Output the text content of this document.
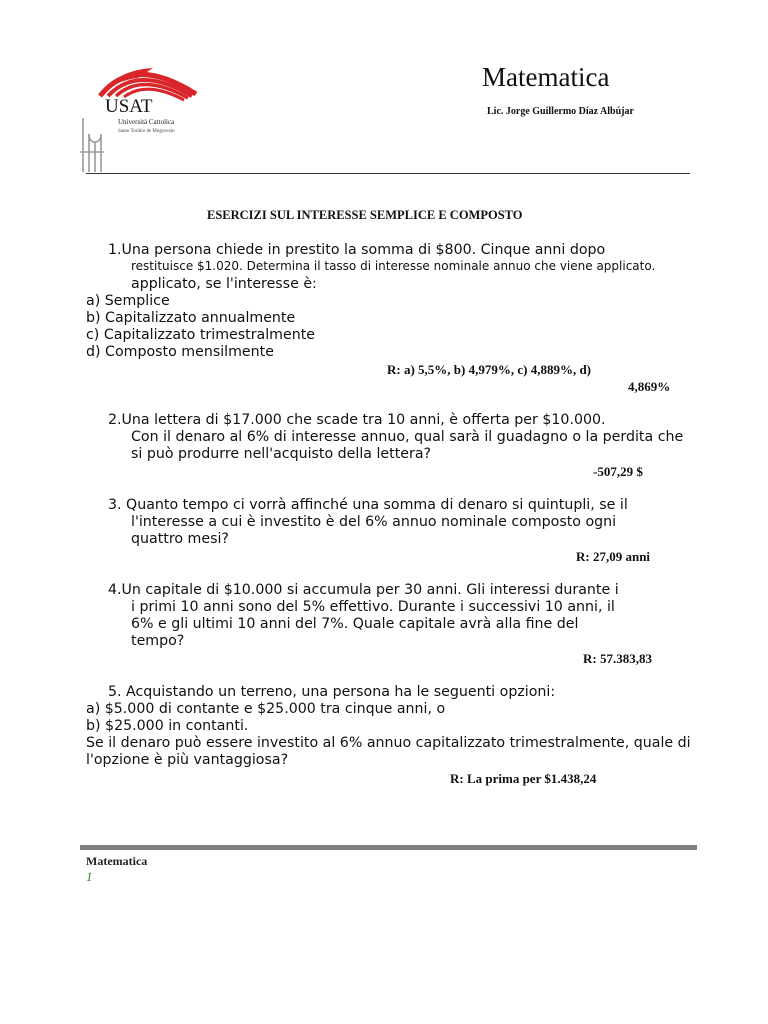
USAT
Università Cattolica
Santo Toribio de Mogrovejo
Matematica
Lic. Jorge Guillermo Díaz Albújar
ESERCIZI SUL INTERESSE SEMPLICE E COMPOSTO
1.Una persona chiede in prestito la somma di $800. Cinque anni dopo
restituisce $1.020. Determina il tasso di interesse nominale annuo che viene applicato.
applicato, se l'interesse è:
a) Semplice
b) Capitalizzato annualmente
c) Capitalizzato trimestralmente
d) Composto mensilmente
R: a) 5,5%, b) 4,979%, c) 4,889%, d)
4,869%
2.Una lettera di $17.000 che scade tra 10 anni, è offerta per $10.000.
Con il denaro al 6% di interesse annuo, qual sarà il guadagno o la perdita che
si può produrre nell'acquisto della lettera?
-507,29 $
3. Quanto tempo ci vorrà affinché una somma di denaro si quintupli, se il
l'interesse a cui è investito è del 6% annuo nominale composto ogni
quattro mesi?
R: 27,09 anni
4.Un capitale di $10.000 si accumula per 30 anni. Gli interessi durante i
i primi 10 anni sono del 5% effettivo. Durante i successivi 10 anni, il
6% e gli ultimi 10 anni del 7%. Quale capitale avrà alla fine del
tempo?
R: 57.383,83
5. Acquistando un terreno, una persona ha le seguenti opzioni:
a) $5.000 di contante e $25.000 tra cinque anni, o
b) $25.000 in contanti.
Se il denaro può essere investito al 6% annuo capitalizzato trimestralmente, quale di
l'opzione è più vantaggiosa?
R: La prima per $1.438,24
Matematica
1
